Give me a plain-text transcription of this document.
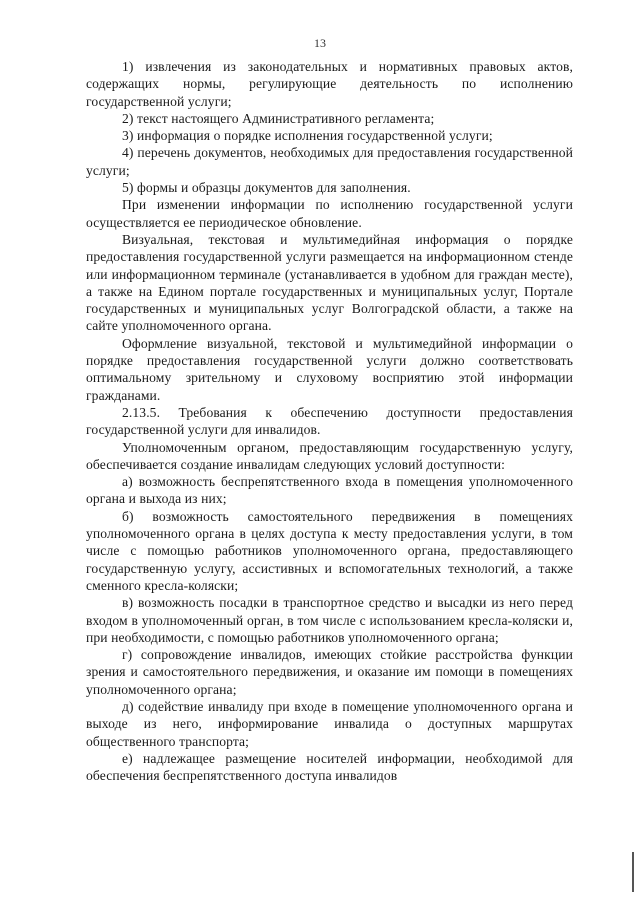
13

1) извлечения из законодательных и нормативных правовых актов, содержащих нормы, регулирующие деятельность по исполнению государственной услуги;

2) текст настоящего Административного регламента;

3) информация о порядке исполнения государственной услуги;

4) перечень документов, необходимых для предоставления государственной услуги;

5) формы и образцы документов для заполнения.

При изменении информации по исполнению государственной услуги осуществляется ее периодическое обновление.

Визуальная, текстовая и мультимедийная информация о порядке предоставления государственной услуги размещается на информационном стенде или информационном терминале (устанавливается в удобном для граждан месте), а также на Едином портале государственных и муниципальных услуг, Портале государственных и муниципальных услуг Волгоградской области, а также на сайте уполномоченного органа.

Оформление визуальной, текстовой и мультимедийной информации о порядке предоставления государственной услуги должно соответствовать оптимальному зрительному и слуховому восприятию этой информации гражданами.

2.13.5. Требования к обеспечению доступности предоставления государственной услуги для инвалидов.

Уполномоченным органом, предоставляющим государственную услугу, обеспечивается создание инвалидам следующих условий доступности:

а) возможность беспрепятственного входа в помещения уполномоченного органа и выхода из них;

б) возможность самостоятельного передвижения в помещениях уполномоченного органа в целях доступа к месту предоставления услуги, в том числе с помощью работников уполномоченного органа, предоставляющего государственную услугу, ассистивных и вспомогательных технологий, а также сменного кресла-коляски;

в) возможность посадки в транспортное средство и высадки из него перед входом в уполномоченный орган, в том числе с использованием кресла-коляски и, при необходимости, с помощью работников уполномоченного органа;

г) сопровождение инвалидов, имеющих стойкие расстройства функции зрения и самостоятельного передвижения, и оказание им помощи в помещениях уполномоченного органа;

д) содействие инвалиду при входе в помещение уполномоченного органа и выходе из него, информирование инвалида о доступных маршрутах общественного транспорта;

е) надлежащее размещение носителей информации, необходимой для обеспечения беспрепятственного доступа инвалидов
